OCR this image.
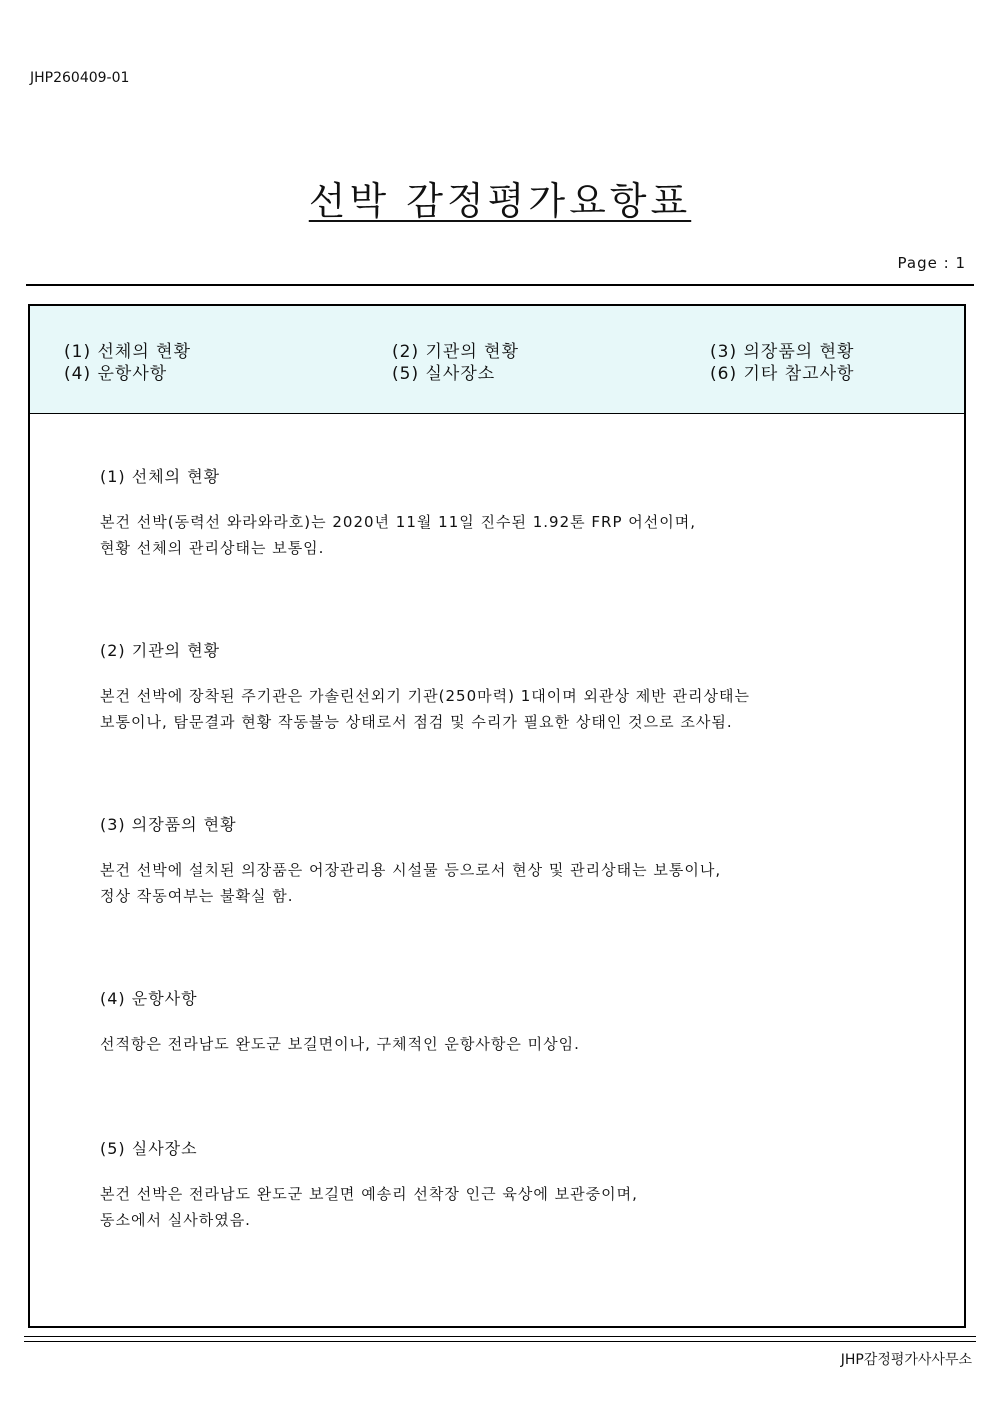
JHP260409-01
선박 감정평가요항표
Page : 1
(1) 선체의 현황	(2) 기관의 현황	(3) 의장품의 현황
(4) 운항사항	(5) 실사장소	(6) 기타 참고사항

(1) 선체의 현황

본건 선박(동력선 와라와라호)는 2020년 11월 11일 진수된 1.92톤 FRP 어선이며,
현황 선체의 관리상태는 보통임.

(2) 기관의 현황

본건 선박에 장착된 주기관은 가솔린선외기 기관(250마력) 1대이며 외관상 제반 관리상태는
보통이나, 탐문결과 현황 작동불능 상태로서 점검 및 수리가 필요한 상태인 것으로 조사됨.

(3) 의장품의 현황

본건 선박에 설치된 의장품은 어장관리용 시설물 등으로서 현상 및 관리상태는 보통이나,
정상 작동여부는 불확실 함.

(4) 운항사항

선적항은 전라남도 완도군 보길면이나, 구체적인 운항사항은 미상임.

(5) 실사장소

본건 선박은 전라남도 완도군 보길면 예송리 선착장 인근 육상에 보관중이며,
동소에서 실사하였음.

JHP감정평가사사무소
